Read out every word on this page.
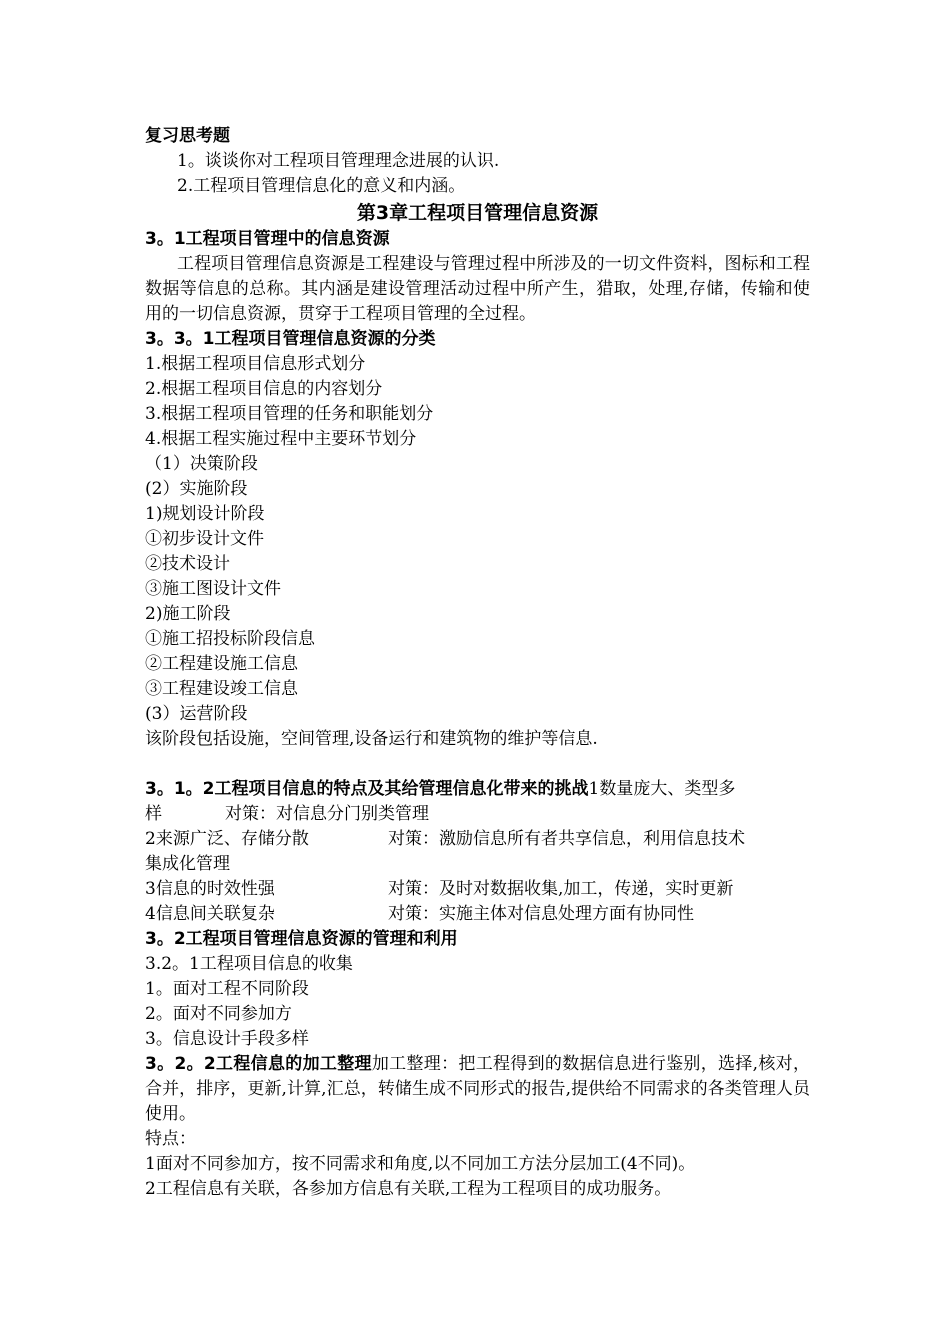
复习思考题
1。谈谈你对工程项目管理理念进展的认识.
2.工程项目管理信息化的意义和内涵。
第3章工程项目管理信息资源
3。1工程项目管理中的信息资源
工程项目管理信息资源是工程建设与管理过程中所涉及的一切文件资料，图标和工程数据等信息的总称。其内涵是建设管理活动过程中所产生，猎取，处理,存储，传输和使用的一切信息资源，贯穿于工程项目管理的全过程。
3。3。1工程项目管理信息资源的分类
1.根据工程项目信息形式划分
2.根据工程项目信息的内容划分
3.根据工程项目管理的任务和职能划分
4.根据工程实施过程中主要环节划分
（1）决策阶段
(2）实施阶段
1)规划设计阶段
①初步设计文件
②技术设计
③施工图设计文件
2)施工阶段
①施工招投标阶段信息
②工程建设施工信息
③工程建设竣工信息
(3）运营阶段
该阶段包括设施，空间管理,设备运行和建筑物的维护等信息.
3。1。2工程项目信息的特点及其给管理信息化带来的挑战1数量庞大、类型多
样	对策：对信息分门别类管理
2来源广泛、存储分散	对策：激励信息所有者共享信息，利用信息技术
集成化管理
3信息的时效性强	对策：及时对数据收集,加工，传递，实时更新
4信息间关联复杂	对策：实施主体对信息处理方面有协同性
3。2工程项目管理信息资源的管理和利用
3.2。1工程项目信息的收集
1。面对工程不同阶段
2。面对不同参加方
3。信息设计手段多样
3。2。2工程信息的加工整理加工整理：把工程得到的数据信息进行鉴别，选择,核对，合并，排序，更新,计算,汇总，转储生成不同形式的报告,提供给不同需求的各类管理人员使用。
特点：
1面对不同参加方，按不同需求和角度,以不同加工方法分层加工(4不同)。
2工程信息有关联，各参加方信息有关联,工程为工程项目的成功服务。
